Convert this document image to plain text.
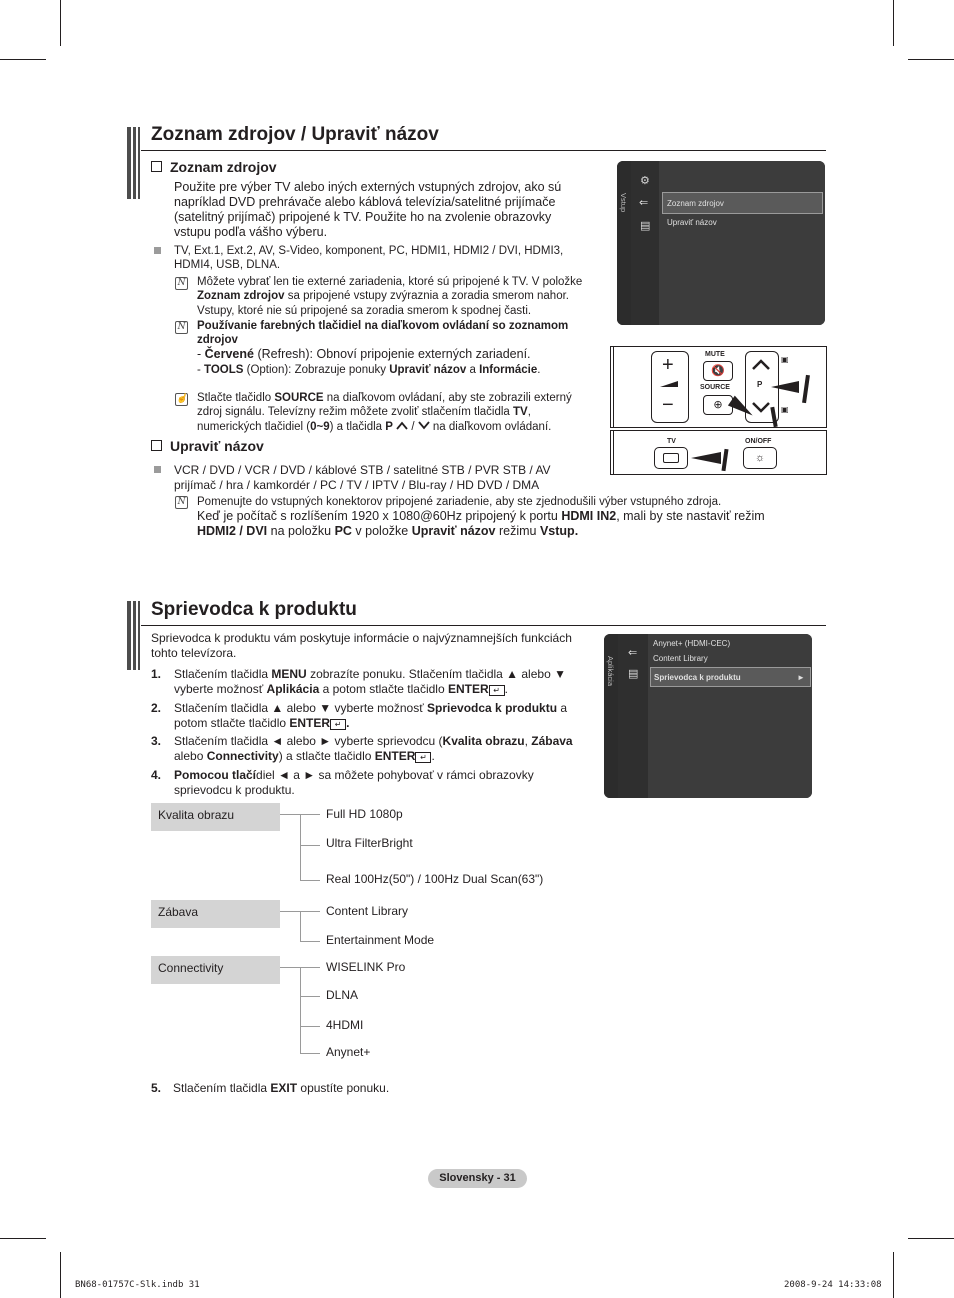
Zoznam zdrojov / Upraviť názov
Zoznam zdrojov
Použite pre výber TV alebo iných externých vstupných zdrojov, ako sú
napríklad DVD prehrávače alebo káblová televízia/satelitné prijímače
(satelitný prijímač) pripojené k TV. Použite ho na zvolenie obrazovky
vstupu podľa vášho výberu.
TV, Ext.1, Ext.2, AV, S-Video, komponent, PC, HDMI1, HDMI2 / DVI, HDMI3,
HDMI4, USB, DLNA.
N Môžete vybrať len tie externé zariadenia, ktoré sú pripojené k TV. V položke
Zoznam zdrojov sa pripojené vstupy zvýraznia a zoradia smerom nahor.
Vstupy, ktoré nie sú pripojené sa zoradia smerom k spodnej časti.
N Používanie farebných tlačidiel na diaľkovom ovládaní so zoznamom
zdrojov
- Červené (Refresh): Obnoví pripojenie externých zariadení.
- TOOLS (Option): Zobrazuje ponuky Upraviť názov a Informácie.
☝ Stlačte tlačidlo SOURCE na diaľkovom ovládaní, aby ste zobrazili externý
zdroj signálu. Televízny režim môžete zvoliť stlačením tlačidla TV,
numerických tlačidiel (0~9) a tlačidla P  /  na diaľkovom ovládaní.
Upraviť názov
VCR / DVD / VCR / DVD / káblové STB / satelitné STB / PVR STB / AV
prijímač / hra / kamkordér / PC / TV / IPTV / Blu-ray / HD DVD / DMA
N Pomenujte do vstupných konektorov pripojené zariadenie, aby ste zjednodušili výber vstupného zdroja.
Keď je počítač s rozlíšením 1920 x 1080@60Hz pripojený k portu HDMI IN2, mali by ste nastaviť režim
HDMI2 / DVI na položku PC v položke Upraviť názov režimu Vstup.
Vstup
⚙
⇐
▤
Zoznam zdrojov
Upraviť názov
+
−
MUTE
🔇
SOURCE
⊕
P
▣
▣
TV	ON/OFF
☼
Sprievodca k produktu
Sprievodca k produktu vám poskytuje informácie o najvýznamnejších funkciách
tohto televízora.
1. Stlačením tlačidla MENU zobrazíte ponuku. Stlačením tlačidla ▲ alebo ▼
vyberte možnosť Aplikácia a potom stlačte tlačidlo ENTER ↵ .
2. Stlačením tlačidla ▲ alebo ▼ vyberte možnosť Sprievodca k produktu a
potom stlačte tlačidlo ENTER ↵ .
3. Stlačením tlačidla ◄ alebo ► vyberte sprievodcu (Kvalita obrazu, Zábava
alebo Connectivity) a stlačte tlačidlo ENTER ↵ .
4. Pomocou tlačídiel ◄ a ► sa môžete pohybovať v rámci obrazovky
sprievodcu k produktu.
Aplikácia
⇐
▤
Anynet+ (HDMI-CEC)
Content Library
Sprievodca k produktu	►
Kvalita obrazu	Full HD 1080p
Ultra FilterBright
Real 100Hz(50") / 100Hz Dual Scan(63")
Zábava	Content Library
Entertainment Mode
Connectivity	WISELINK Pro
DLNA
4HDMI
Anynet+
5. Stlačením tlačidla EXIT opustíte ponuku.
Slovensky - 31
BN68-01757C-Slk.indb 31	2008-9-24 14:33:08
